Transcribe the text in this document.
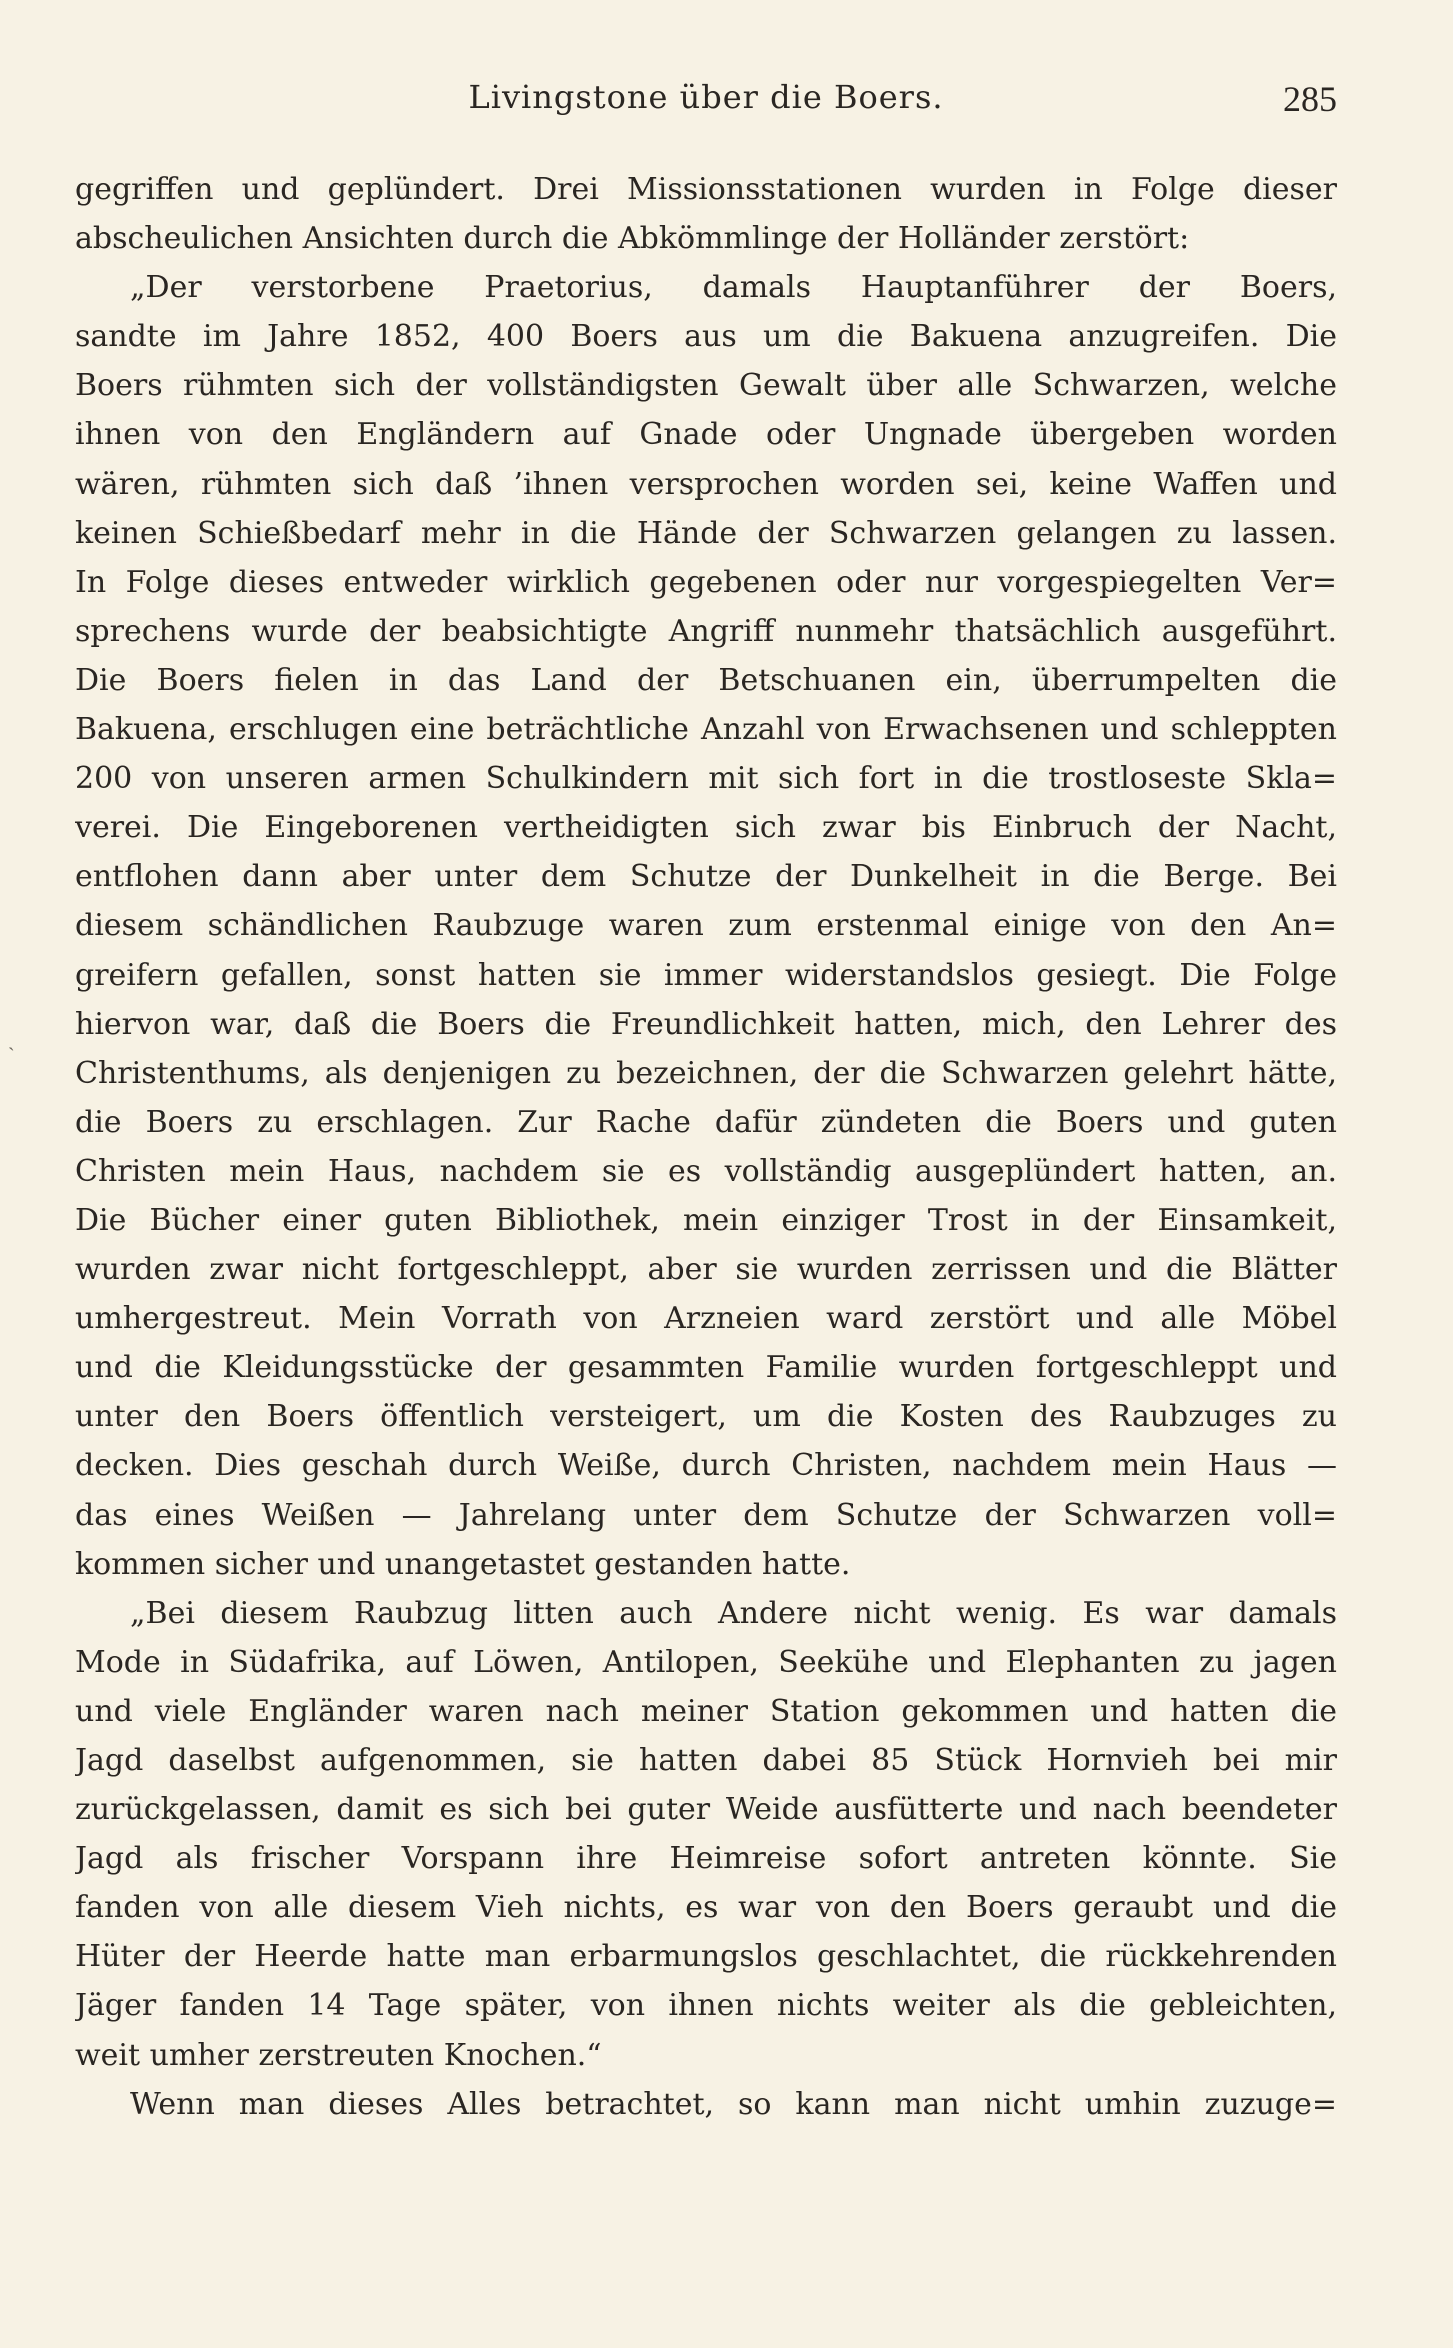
Livingstone über die Boers.	285
ˏ
gegriffen und geplündert. Drei Missionsstationen wurden in Folge dieser
abscheulichen Ansichten durch die Abkömmlinge der Holländer zerstört:
„Der verstorbene Praetorius, damals Hauptanführer der Boers,
sandte im Jahre 1852, 400 Boers aus um die Bakuena anzugreifen. Die
Boers rühmten sich der vollständigsten Gewalt über alle Schwarzen, welche
ihnen von den Engländern auf Gnade oder Ungnade übergeben worden
wären, rühmten sich daß ’ihnen versprochen worden sei, keine Waffen und
keinen Schießbedarf mehr in die Hände der Schwarzen gelangen zu lassen.
In Folge dieses entweder wirklich gegebenen oder nur vorgespiegelten Ver=
sprechens wurde der beabsichtigte Angriff nunmehr thatsächlich ausgeführt.
Die Boers fielen in das Land der Betschuanen ein, überrumpelten die
Bakuena, erschlugen eine beträchtliche Anzahl von Erwachsenen und schleppten
200 von unseren armen Schulkindern mit sich fort in die trostloseste Skla=
verei. Die Eingeborenen vertheidigten sich zwar bis Einbruch der Nacht,
entflohen dann aber unter dem Schutze der Dunkelheit in die Berge. Bei
diesem schändlichen Raubzuge waren zum erstenmal einige von den An=
greifern gefallen, sonst hatten sie immer widerstandslos gesiegt. Die Folge
hiervon war, daß die Boers die Freundlichkeit hatten, mich, den Lehrer des
Christenthums, als denjenigen zu bezeichnen, der die Schwarzen gelehrt hätte,
die Boers zu erschlagen. Zur Rache dafür zündeten die Boers und guten
Christen mein Haus, nachdem sie es vollständig ausgeplündert hatten, an.
Die Bücher einer guten Bibliothek, mein einziger Trost in der Einsamkeit,
wurden zwar nicht fortgeschleppt, aber sie wurden zerrissen und die Blätter
umhergestreut. Mein Vorrath von Arzneien ward zerstört und alle Möbel
und die Kleidungsstücke der gesammten Familie wurden fortgeschleppt und
unter den Boers öffentlich versteigert, um die Kosten des Raubzuges zu
decken. Dies geschah durch Weiße, durch Christen, nachdem mein Haus —
das eines Weißen — Jahrelang unter dem Schutze der Schwarzen voll=
kommen sicher und unangetastet gestanden hatte.
„Bei diesem Raubzug litten auch Andere nicht wenig. Es war damals
Mode in Südafrika, auf Löwen, Antilopen, Seekühe und Elephanten zu jagen
und viele Engländer waren nach meiner Station gekommen und hatten die
Jagd daselbst aufgenommen, sie hatten dabei 85 Stück Hornvieh bei mir
zurückgelassen, damit es sich bei guter Weide ausfütterte und nach beendeter
Jagd als frischer Vorspann ihre Heimreise sofort antreten könnte. Sie
fanden von alle diesem Vieh nichts, es war von den Boers geraubt und die
Hüter der Heerde hatte man erbarmungslos geschlachtet, die rückkehrenden
Jäger fanden 14 Tage später, von ihnen nichts weiter als die gebleichten,
weit umher zerstreuten Knochen.“
Wenn man dieses Alles betrachtet, so kann man nicht umhin zuzuge=
